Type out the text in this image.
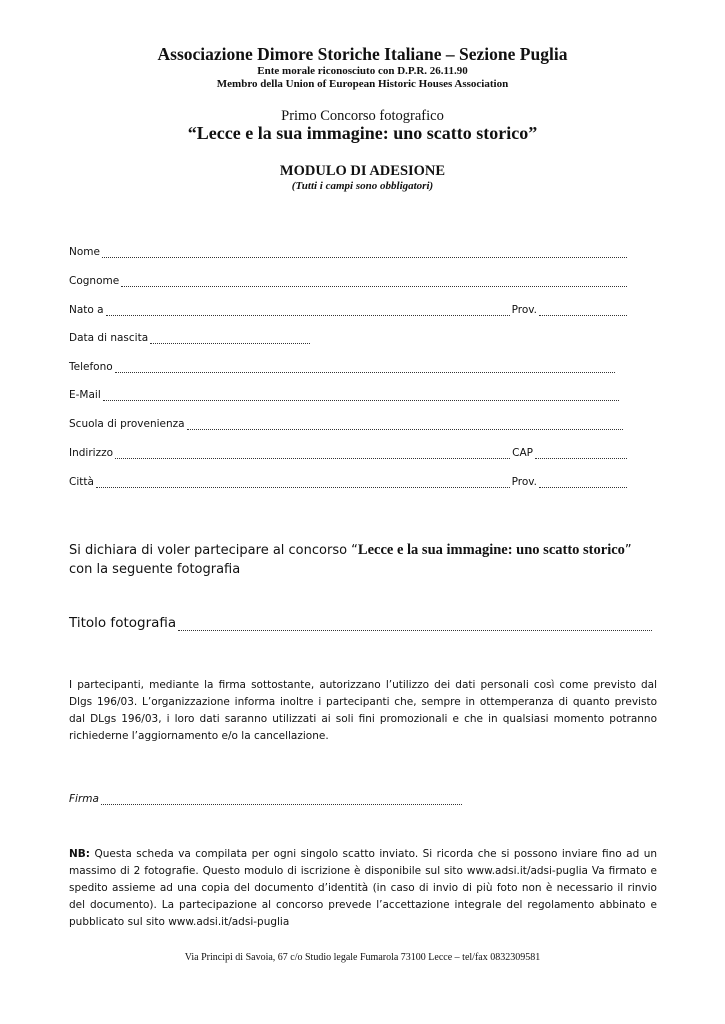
Associazione Dimore Storiche Italiane – Sezione Puglia
Ente morale riconosciuto con D.P.R. 26.11.90
Membro della Union of European Historic Houses Association
Primo Concorso fotografico
“Lecce e la sua immagine: uno scatto storico”
MODULO DI ADESIONE
(Tutti i campi sono obbligatori)
Nome
Cognome
Nato a	Prov.
Data di nascita
Telefono
E-Mail
Scuola di provenienza
Indirizzo	CAP
Città	Prov.
Si dichiara di voler partecipare al concorso “Lecce e la sua immagine: uno scatto storico” con la seguente fotografia
Titolo fotografia
I partecipanti, mediante la firma sottostante, autorizzano l’utilizzo dei dati personali così come previsto dal Dlgs 196/03. L’organizzazione informa inoltre i partecipanti che, sempre in ottemperanza di quanto previsto dal DLgs 196/03, i loro dati saranno utilizzati ai soli fini promozionali e che in qualsiasi momento potranno richiederne l’aggiornamento e/o la cancellazione.
Firma
NB: Questa scheda va compilata per ogni singolo scatto inviato. Si ricorda che si possono inviare fino ad un massimo di 2 fotografie. Questo modulo di iscrizione è disponibile sul sito www.adsi.it/adsi-puglia Va firmato e spedito assieme ad una copia del documento d’identità (in caso di invio di più foto non è necessario il rinvio del documento). La partecipazione al concorso prevede l’accettazione integrale del regolamento abbinato e pubblicato sul sito www.adsi.it/adsi-puglia
Via Principi di Savoia, 67 c/o Studio legale Fumarola 73100 Lecce – tel/fax 0832309581
